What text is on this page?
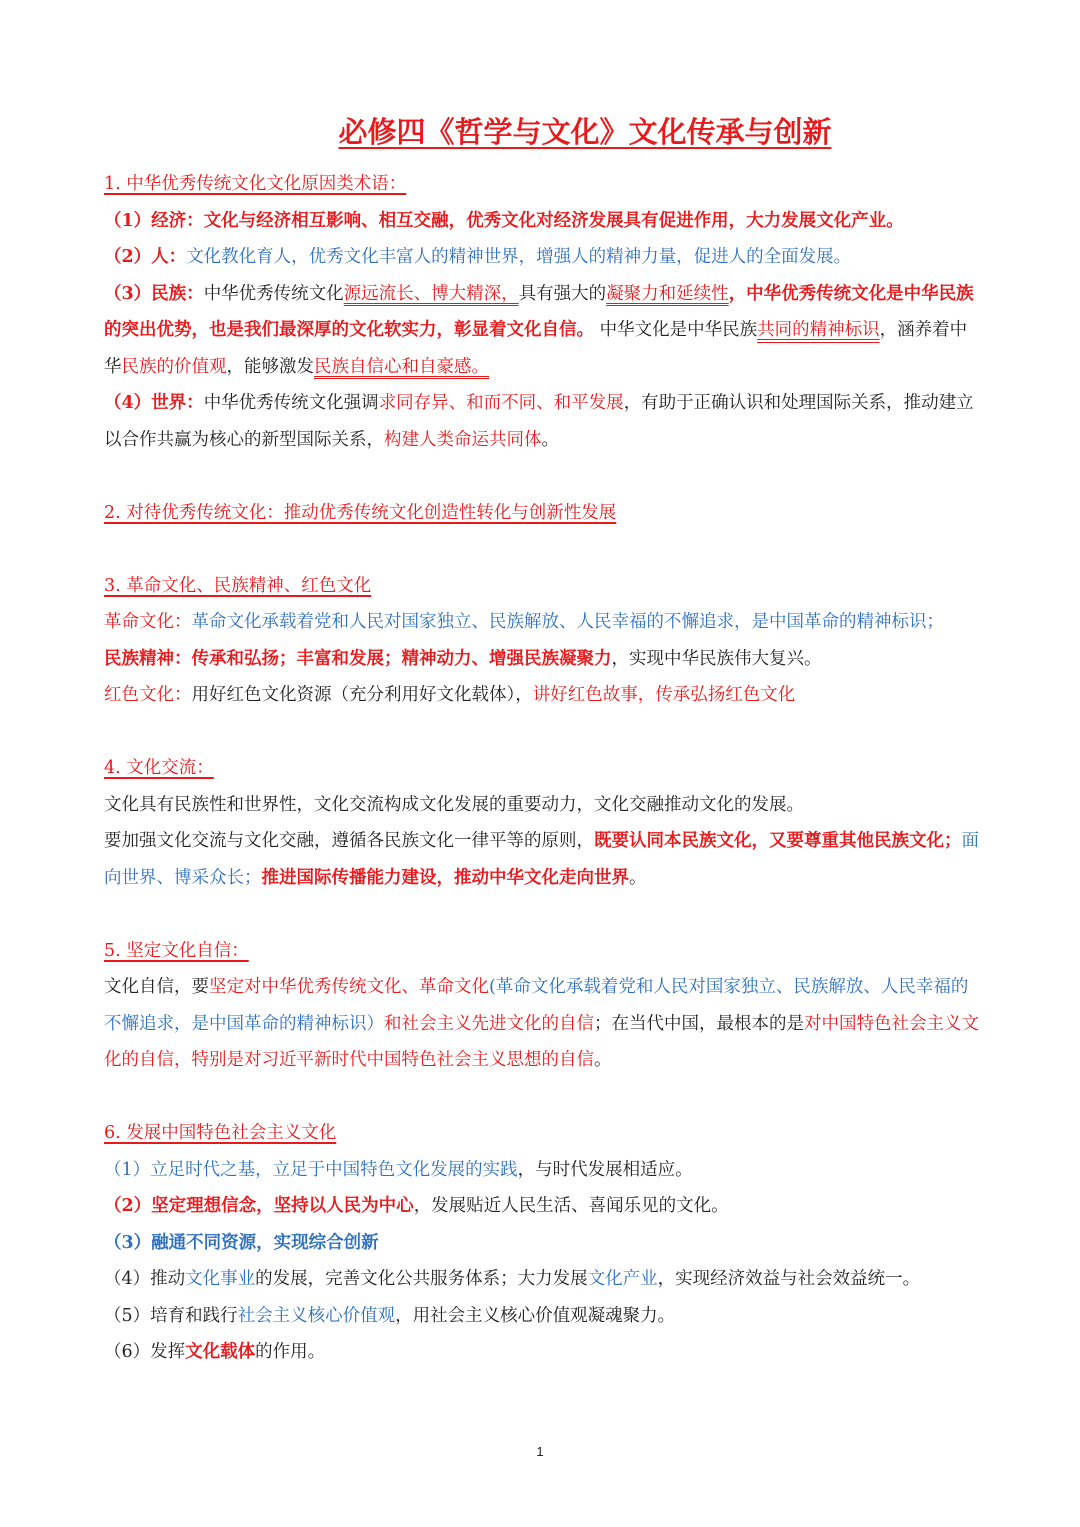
必修四《哲学与文化》文化传承与创新

1. 中华优秀传统文化文化原因类术语：

（1）经济：文化与经济相互影响、相互交融，优秀文化对经济发展具有促进作用，大力发展文化产业。

（2）人：文化教化育人，优秀文化丰富人的精神世界，增强人的精神力量，促进人的全面发展。

（3）民族：中华优秀传统文化源远流长、博大精深，具有强大的凝聚力和延续性，中华优秀传统文化是中华民族的突出优势，也是我们最深厚的文化软实力，彰显着文化自信。 中华文化是中华民族共同的精神标识，涵养着中华民族的价值观，能够激发民族自信心和自豪感。

（4）世界：中华优秀传统文化强调求同存异、和而不同、和平发展，有助于正确认识和处理国际关系，推动建立以合作共赢为核心的新型国际关系，构建人类命运共同体。

2. 对待优秀传统文化：推动优秀传统文化创造性转化与创新性发展

3. 革命文化、民族精神、红色文化

革命文化：革命文化承载着党和人民对国家独立、民族解放、人民幸福的不懈追求，是中国革命的精神标识；

民族精神：传承和弘扬；丰富和发展；精神动力、增强民族凝聚力，实现中华民族伟大复兴。

红色文化：用好红色文化资源（充分利用好文化载体），讲好红色故事，传承弘扬红色文化

4. 文化交流：

文化具有民族性和世界性，文化交流构成文化发展的重要动力，文化交融推动文化的发展。

要加强文化交流与文化交融，遵循各民族文化一律平等的原则，既要认同本民族文化，又要尊重其他民族文化；面向世界、博采众长；推进国际传播能力建设，推动中华文化走向世界。

5. 坚定文化自信：

文化自信，要坚定对中华优秀传统文化、革命文化(革命文化承载着党和人民对国家独立、民族解放、人民幸福的不懈追求，是中国革命的精神标识）和社会主义先进文化的自信；在当代中国，最根本的是对中国特色社会主义文化的自信，特别是对习近平新时代中国特色社会主义思想的自信。

6. 发展中国特色社会主义文化

（1）立足时代之基，立足于中国特色文化发展的实践，与时代发展相适应。

（2）坚定理想信念，坚持以人民为中心，发展贴近人民生活、喜闻乐见的文化。

（3）融通不同资源，实现综合创新

（4）推动文化事业的发展，完善文化公共服务体系；大力发展文化产业，实现经济效益与社会效益统一。

（5）培育和践行社会主义核心价值观，用社会主义核心价值观凝魂聚力。

（6）发挥文化载体的作用。

1
